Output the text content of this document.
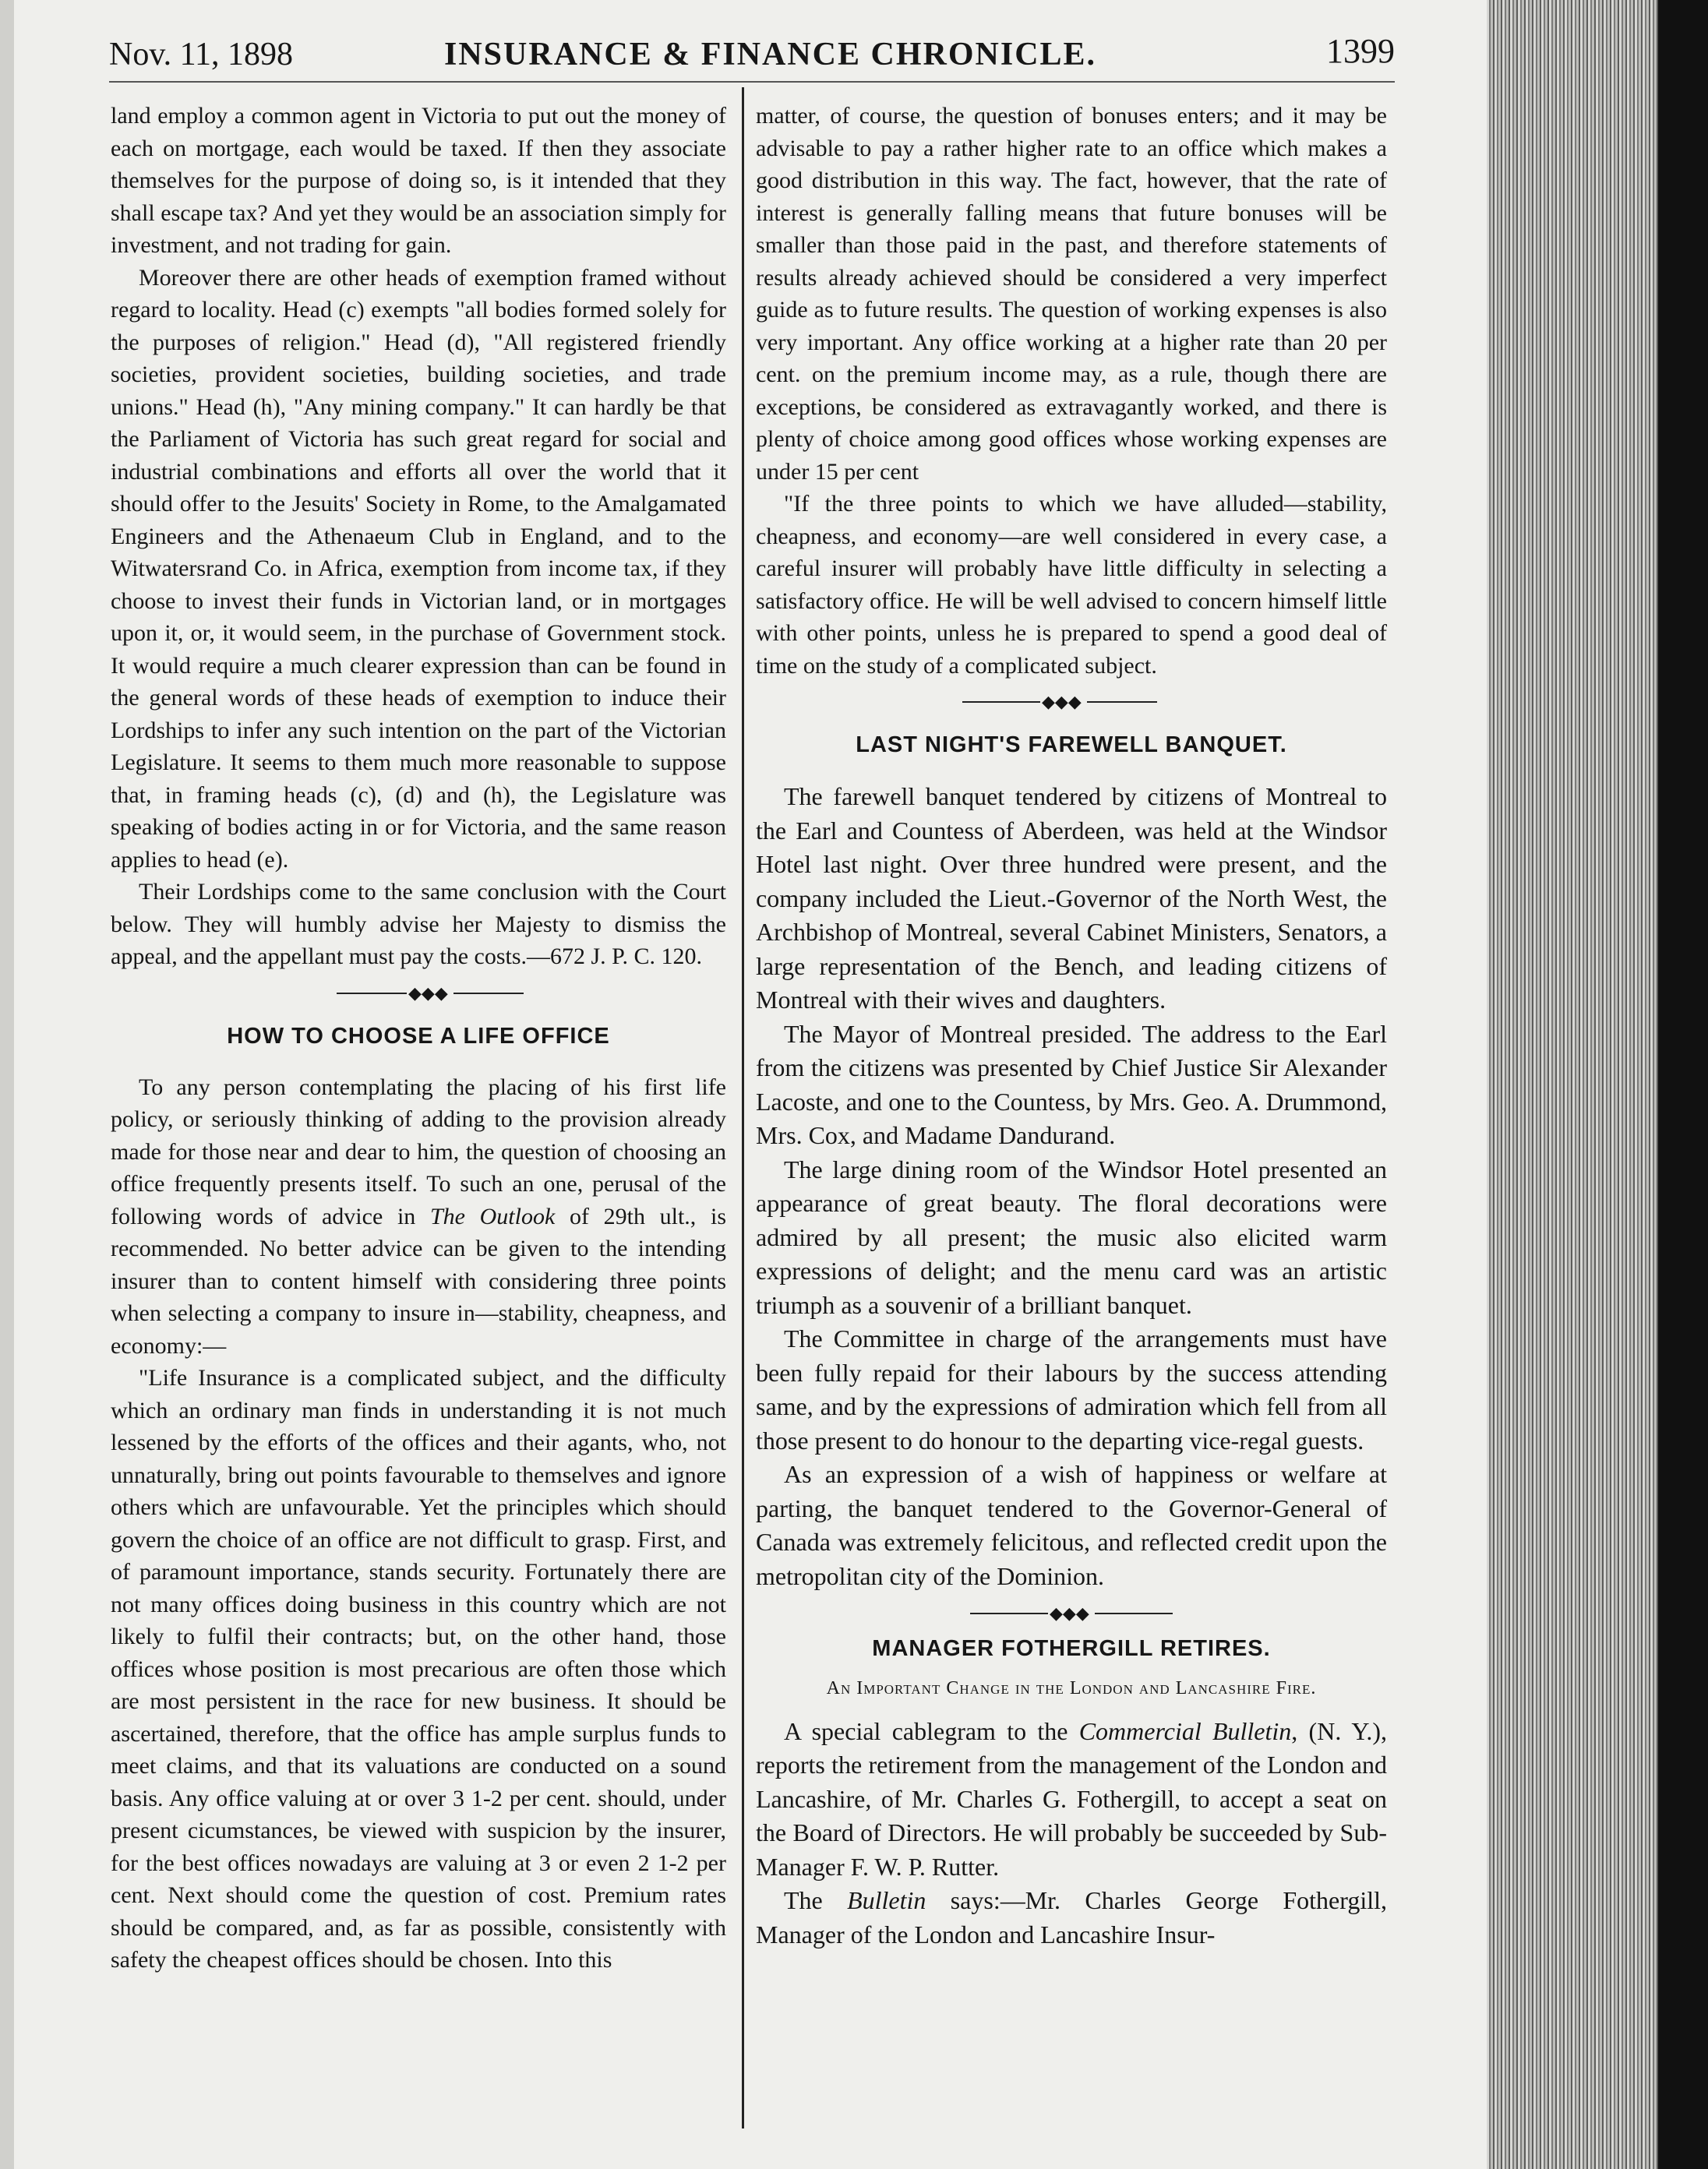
Nov. 11, 1898	INSURANCE & FINANCE CHRONICLE.	1399

land employ a common agent in Victoria to put out the money of each on mortgage, each would be taxed. If then they associate themselves for the purpose of doing so, is it intended that they shall escape tax? And yet they would be an association simply for investment, and not trading for gain.

Moreover there are other heads of exemption framed without regard to locality. Head (c) exempts "all bodies formed solely for the purposes of religion." Head (d), "All registered friendly societies, provident societies, building societies, and trade unions." Head (h), "Any mining company." It can hardly be that the Parliament of Victoria has such great regard for social and industrial combinations and efforts all over the world that it should offer to the Jesuits' Society in Rome, to the Amalgamated Engineers and the Athenaeum Club in England, and to the Witwatersrand Co. in Africa, exemption from income tax, if they choose to invest their funds in Victorian land, or in mortgages upon it, or, it would seem, in the purchase of Government stock. It would require a much clearer expression than can be found in the general words of these heads of exemption to induce their Lordships to infer any such intention on the part of the Victorian Legislature. It seems to them much more reasonable to suppose that, in framing heads (c), (d) and (h), the Legislature was speaking of bodies acting in or for Victoria, and the same reason applies to head (e).

Their Lordships come to the same conclusion with the Court below. They will humbly advise her Majesty to dismiss the appeal, and the appellant must pay the costs.—672 J. P. C. 120.

◆◆◆
HOW TO CHOOSE A LIFE OFFICE

To any person contemplating the placing of his first life policy, or seriously thinking of adding to the provision already made for those near and dear to him, the question of choosing an office frequently presents itself. To such an one, perusal of the following words of advice in The Outlook of 29th ult., is recommended. No better advice can be given to the intending insurer than to content himself with considering three points when selecting a company to insure in—stability, cheapness, and economy:—

"Life Insurance is a complicated subject, and the difficulty which an ordinary man finds in understanding it is not much lessened by the efforts of the offices and their agants, who, not unnaturally, bring out points favourable to themselves and ignore others which are unfavourable. Yet the principles which should govern the choice of an office are not difficult to grasp. First, and of paramount importance, stands security. Fortunately there are not many offices doing business in this country which are not likely to fulfil their contracts; but, on the other hand, those offices whose position is most precarious are often those which are most persistent in the race for new business. It should be ascertained, therefore, that the office has ample surplus funds to meet claims, and that its valuations are conducted on a sound basis. Any office valuing at or over 3 1-2 per cent. should, under present cicumstances, be viewed with suspicion by the insurer, for the best offices nowadays are valuing at 3 or even 2 1-2 per cent. Next should come the question of cost. Premium rates should be compared, and, as far as possible, consistently with safety the cheapest offices should be chosen. Into this

matter, of course, the question of bonuses enters; and it may be advisable to pay a rather higher rate to an office which makes a good distribution in this way. The fact, however, that the rate of interest is generally falling means that future bonuses will be smaller than those paid in the past, and therefore statements of results already achieved should be considered a very imperfect guide as to future results. The question of working expenses is also very important. Any office working at a higher rate than 20 per cent. on the premium income may, as a rule, though there are exceptions, be considered as extravagantly worked, and there is plenty of choice among good offices whose working expenses are under 15 per cent

"If the three points to which we have alluded—stability, cheapness, and economy—are well considered in every case, a careful insurer will probably have little difficulty in selecting a satisfactory office. He will be well advised to concern himself little with other points, unless he is prepared to spend a good deal of time on the study of a complicated subject.

◆◆◆
LAST NIGHT'S FAREWELL BANQUET.

The farewell banquet tendered by citizens of Montreal to the Earl and Countess of Aberdeen, was held at the Windsor Hotel last night. Over three hundred were present, and the company included the Lieut.-Governor of the North West, the Archbishop of Montreal, several Cabinet Ministers, Senators, a large representation of the Bench, and leading citizens of Montreal with their wives and daughters.

The Mayor of Montreal presided. The address to the Earl from the citizens was presented by Chief Justice Sir Alexander Lacoste, and one to the Countess, by Mrs. Geo. A. Drummond, Mrs. Cox, and Madame Dandurand.

The large dining room of the Windsor Hotel presented an appearance of great beauty. The floral decorations were admired by all present; the music also elicited warm expressions of delight; and the menu card was an artistic triumph as a souvenir of a brilliant banquet.

The Committee in charge of the arrangements must have been fully repaid for their labours by the success attending same, and by the expressions of admiration which fell from all those present to do honour to the departing vice-regal guests.

As an expression of a wish of happiness or welfare at parting, the banquet tendered to the Governor-General of Canada was extremely felicitous, and reflected credit upon the metropolitan city of the Dominion.

◆◆◆
MANAGER FOTHERGILL RETIRES.
An Important Change in the London and Lancashire Fire.

A special cablegram to the Commercial Bulletin, (N. Y.), reports the retirement from the management of the London and Lancashire, of Mr. Charles G. Fothergill, to accept a seat on the Board of Directors. He will probably be succeeded by Sub-Manager F. W. P. Rutter.

The Bulletin says:—Mr. Charles George Fothergill, Manager of the London and Lancashire Insur-
